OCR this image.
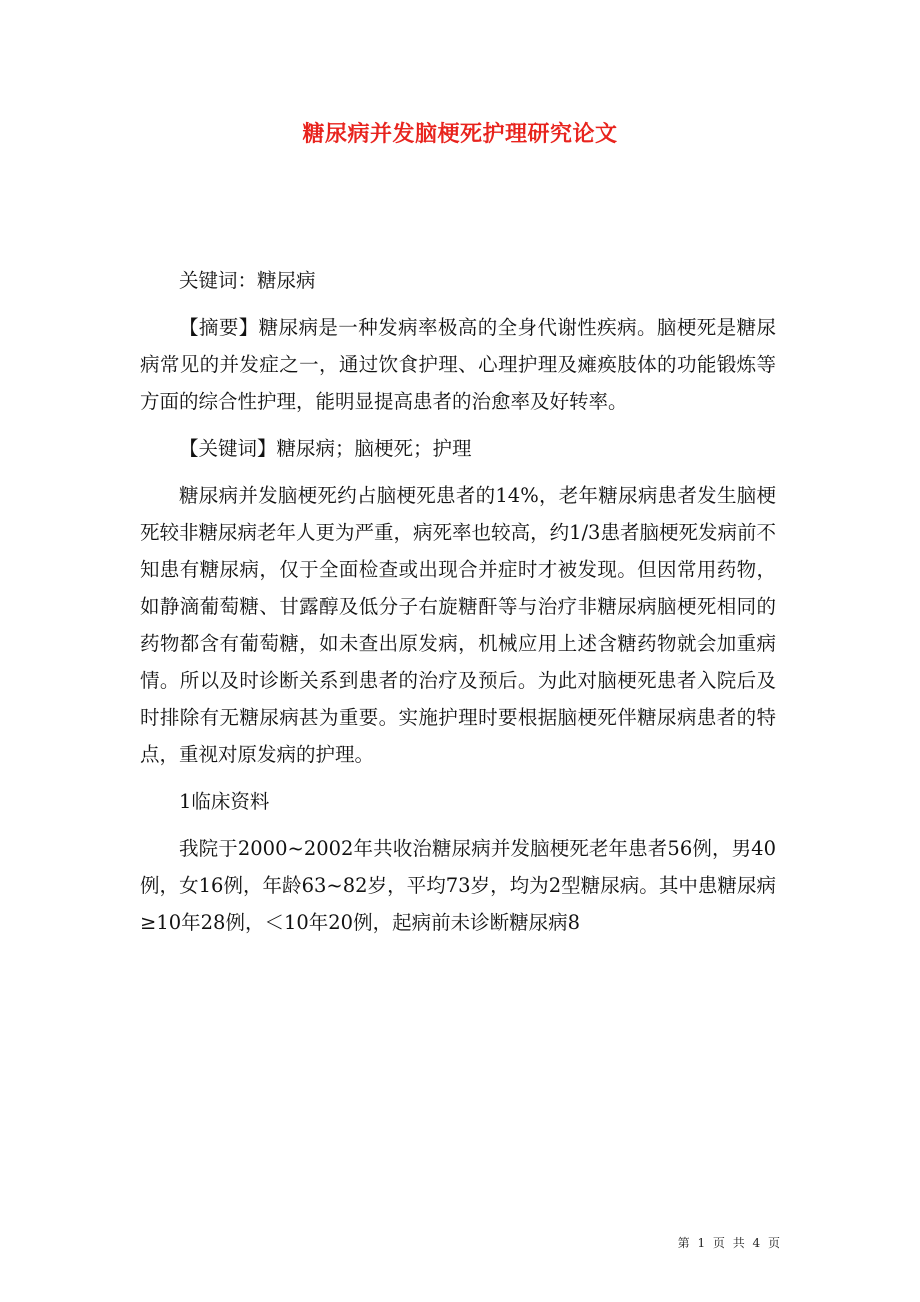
糖尿病并发脑梗死护理研究论文

关键词：糖尿病

【摘要】糖尿病是一种发病率极高的全身代谢性疾病。脑梗死是糖尿病常见的并发症之一，通过饮食护理、心理护理及瘫痪肢体的功能锻炼等方面的综合性护理，能明显提高患者的治愈率及好转率。

【关键词】糖尿病；脑梗死；护理

糖尿病并发脑梗死约占脑梗死患者的14%，老年糖尿病患者发生脑梗死较非糖尿病老年人更为严重，病死率也较高，约1/3患者脑梗死发病前不知患有糖尿病，仅于全面检查或出现合并症时才被发现。但因常用药物，如静滴葡萄糖、甘露醇及低分子右旋糖酐等与治疗非糖尿病脑梗死相同的药物都含有葡萄糖，如未查出原发病，机械应用上述含糖药物就会加重病情。所以及时诊断关系到患者的治疗及预后。为此对脑梗死患者入院后及时排除有无糖尿病甚为重要。实施护理时要根据脑梗死伴糖尿病患者的特点，重视对原发病的护理。

1临床资料

我院于2000~2002年共收治糖尿病并发脑梗死老年患者56例，男40例，女16例，年龄63~82岁，平均73岁，均为2型糖尿病。其中患糖尿病≥10年28例，＜10年20例，起病前未诊断糖尿病8

第 1 页 共 4 页
